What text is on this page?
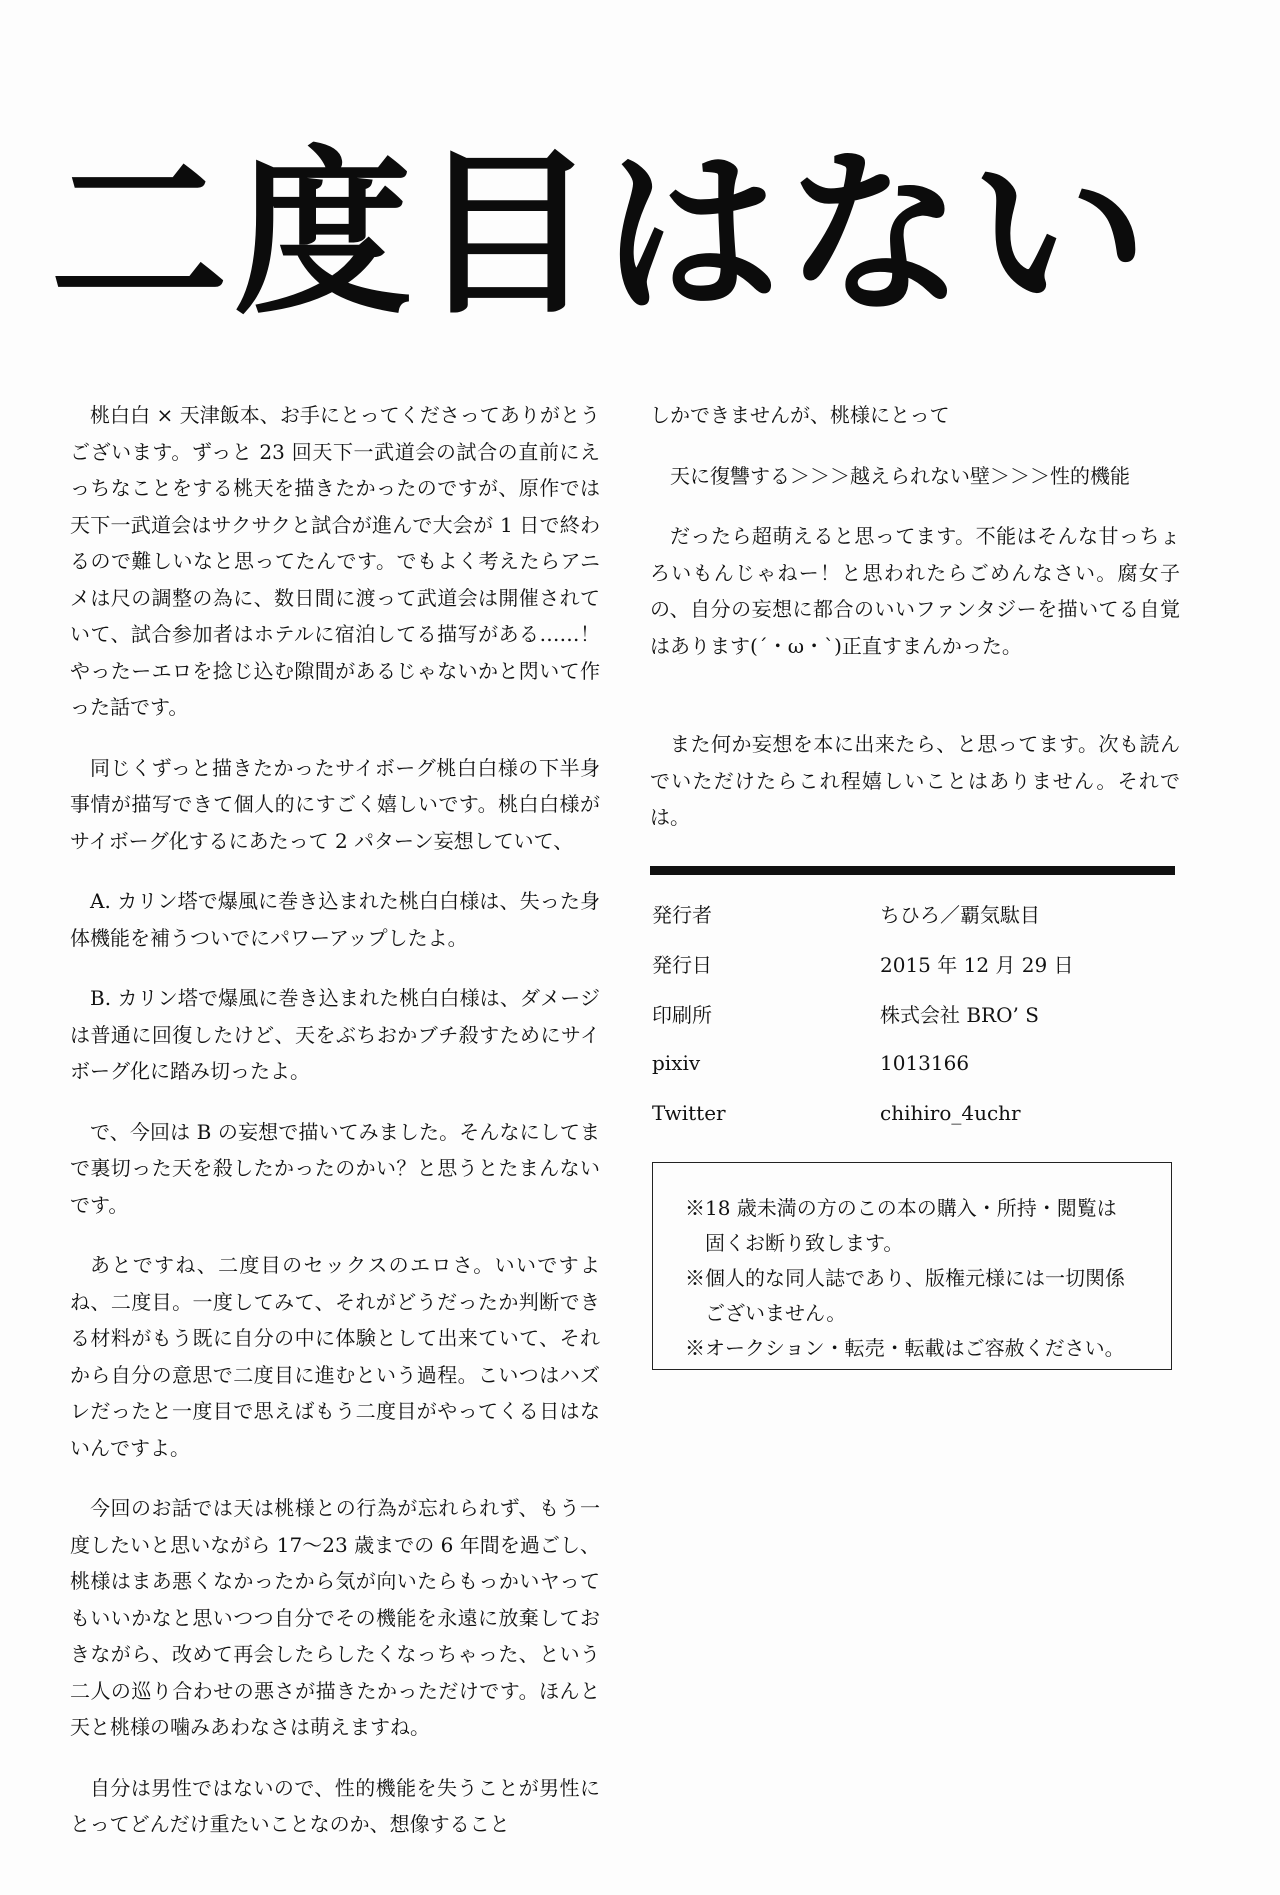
二度目はない

桃白白 × 天津飯本、お手にとってくださってありがとうございます。ずっと 23 回天下一武道会の試合の直前にえっちなことをする桃天を描きたかったのですが、原作では天下一武道会はサクサクと試合が進んで大会が 1 日で終わるので難しいなと思ってたんです。でもよく考えたらアニメは尺の調整の為に、数日間に渡って武道会は開催されていて、試合参加者はホテルに宿泊してる描写がある……！やったーエロを捻じ込む隙間があるじゃないかと閃いて作った話です。

同じくずっと描きたかったサイボーグ桃白白様の下半身事情が描写できて個人的にすごく嬉しいです。桃白白様がサイボーグ化するにあたって 2 パターン妄想していて、

A. カリン塔で爆風に巻き込まれた桃白白様は、失った身体機能を補うついでにパワーアップしたよ。

B. カリン塔で爆風に巻き込まれた桃白白様は、ダメージは普通に回復したけど、天をぶちおかブチ殺すためにサイボーグ化に踏み切ったよ。

で、今回は B の妄想で描いてみました。そんなにしてまで裏切った天を殺したかったのかい？と思うとたまんないです。

あとですね、二度目のセックスのエロさ。いいですよね、二度目。一度してみて、それがどうだったか判断できる材料がもう既に自分の中に体験として出来ていて、それから自分の意思で二度目に進むという過程。こいつはハズレだったと一度目で思えばもう二度目がやってくる日はないんですよ。

今回のお話では天は桃様との行為が忘れられず、もう一度したいと思いながら 17〜23 歳までの 6 年間を過ごし、桃様はまあ悪くなかったから気が向いたらもっかいヤってもいいかなと思いつつ自分でその機能を永遠に放棄しておきながら、改めて再会したらしたくなっちゃった、という二人の巡り合わせの悪さが描きたかっただけです。ほんと天と桃様の噛みあわなさは萌えますね。

自分は男性ではないので、性的機能を失うことが男性にとってどんだけ重たいことなのか、想像すること

しかできませんが、桃様にとって

天に復讐する＞＞＞越えられない壁＞＞＞性的機能

だったら超萌えると思ってます。不能はそんな甘っちょろいもんじゃねー！と思われたらごめんなさい。腐女子の、自分の妄想に都合のいいファンタジーを描いてる自覚はあります(´・ω・`)正直すまんかった。

また何か妄想を本に出来たら、と思ってます。次も読んでいただけたらこれ程嬉しいことはありません。それでは。

発行者	ちひろ／覇気駄目
発行日	2015 年 12 月 29 日
印刷所	株式会社 BRO’ S
pixiv	1013166
Twitter	chihiro_4uchr

※18 歳未満の方のこの本の購入・所持・閲覧は

固くお断り致します。

※個人的な同人誌であり、版権元様には一切関係

ございません。

※オークション・転売・転載はご容赦ください。
